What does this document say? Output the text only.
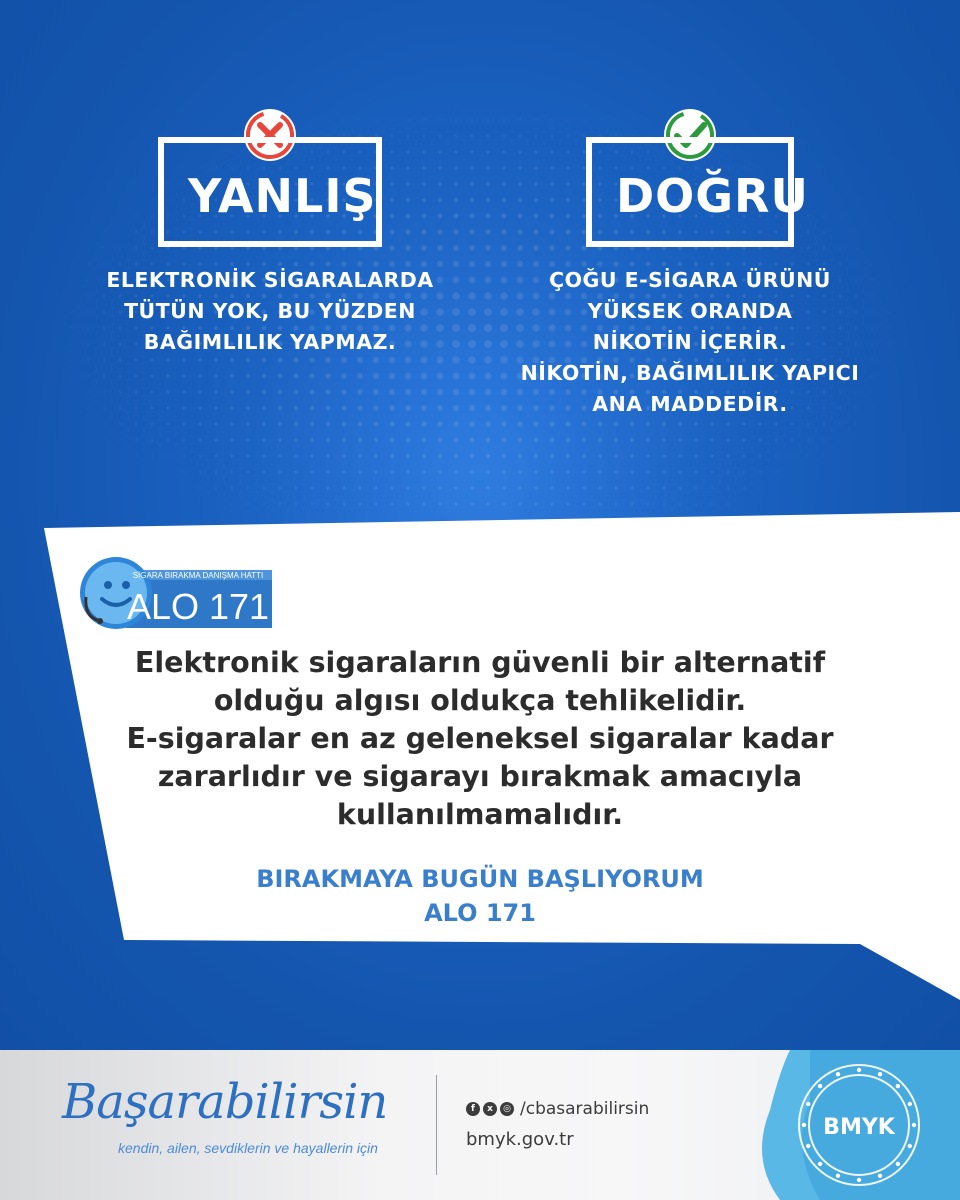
YANLIŞ
ELEKTRONİK SİGARALARDA
TÜTÜN YOK, BU YÜZDEN
BAĞIMLILIK YAPMAZ.
DOĞRU
ÇOĞU E-SİGARA ÜRÜNÜ
YÜKSEK ORANDA
NİKOTİN İÇERİR.
NİKOTİN, BAĞIMLILIK YAPICI
ANA MADDEDİR.
SİGARA BIRAKMA DANIŞMA HATTI
ALO 171
Elektronik sigaraların güvenli bir alternatif
olduğu algısı oldukça tehlikelidir.
E-sigaralar en az geleneksel sigaralar kadar
zararlıdır ve sigarayı bırakmak amacıyla
kullanılmamalıdır.
BIRAKMAYA BUGÜN BAŞLIYORUM
ALO 171
Başarabilirsin
kendin, ailen, sevdiklerin ve hayallerin için
f	x	◎ /cbasarabilirsin
bmyk.gov.tr	BMYK
